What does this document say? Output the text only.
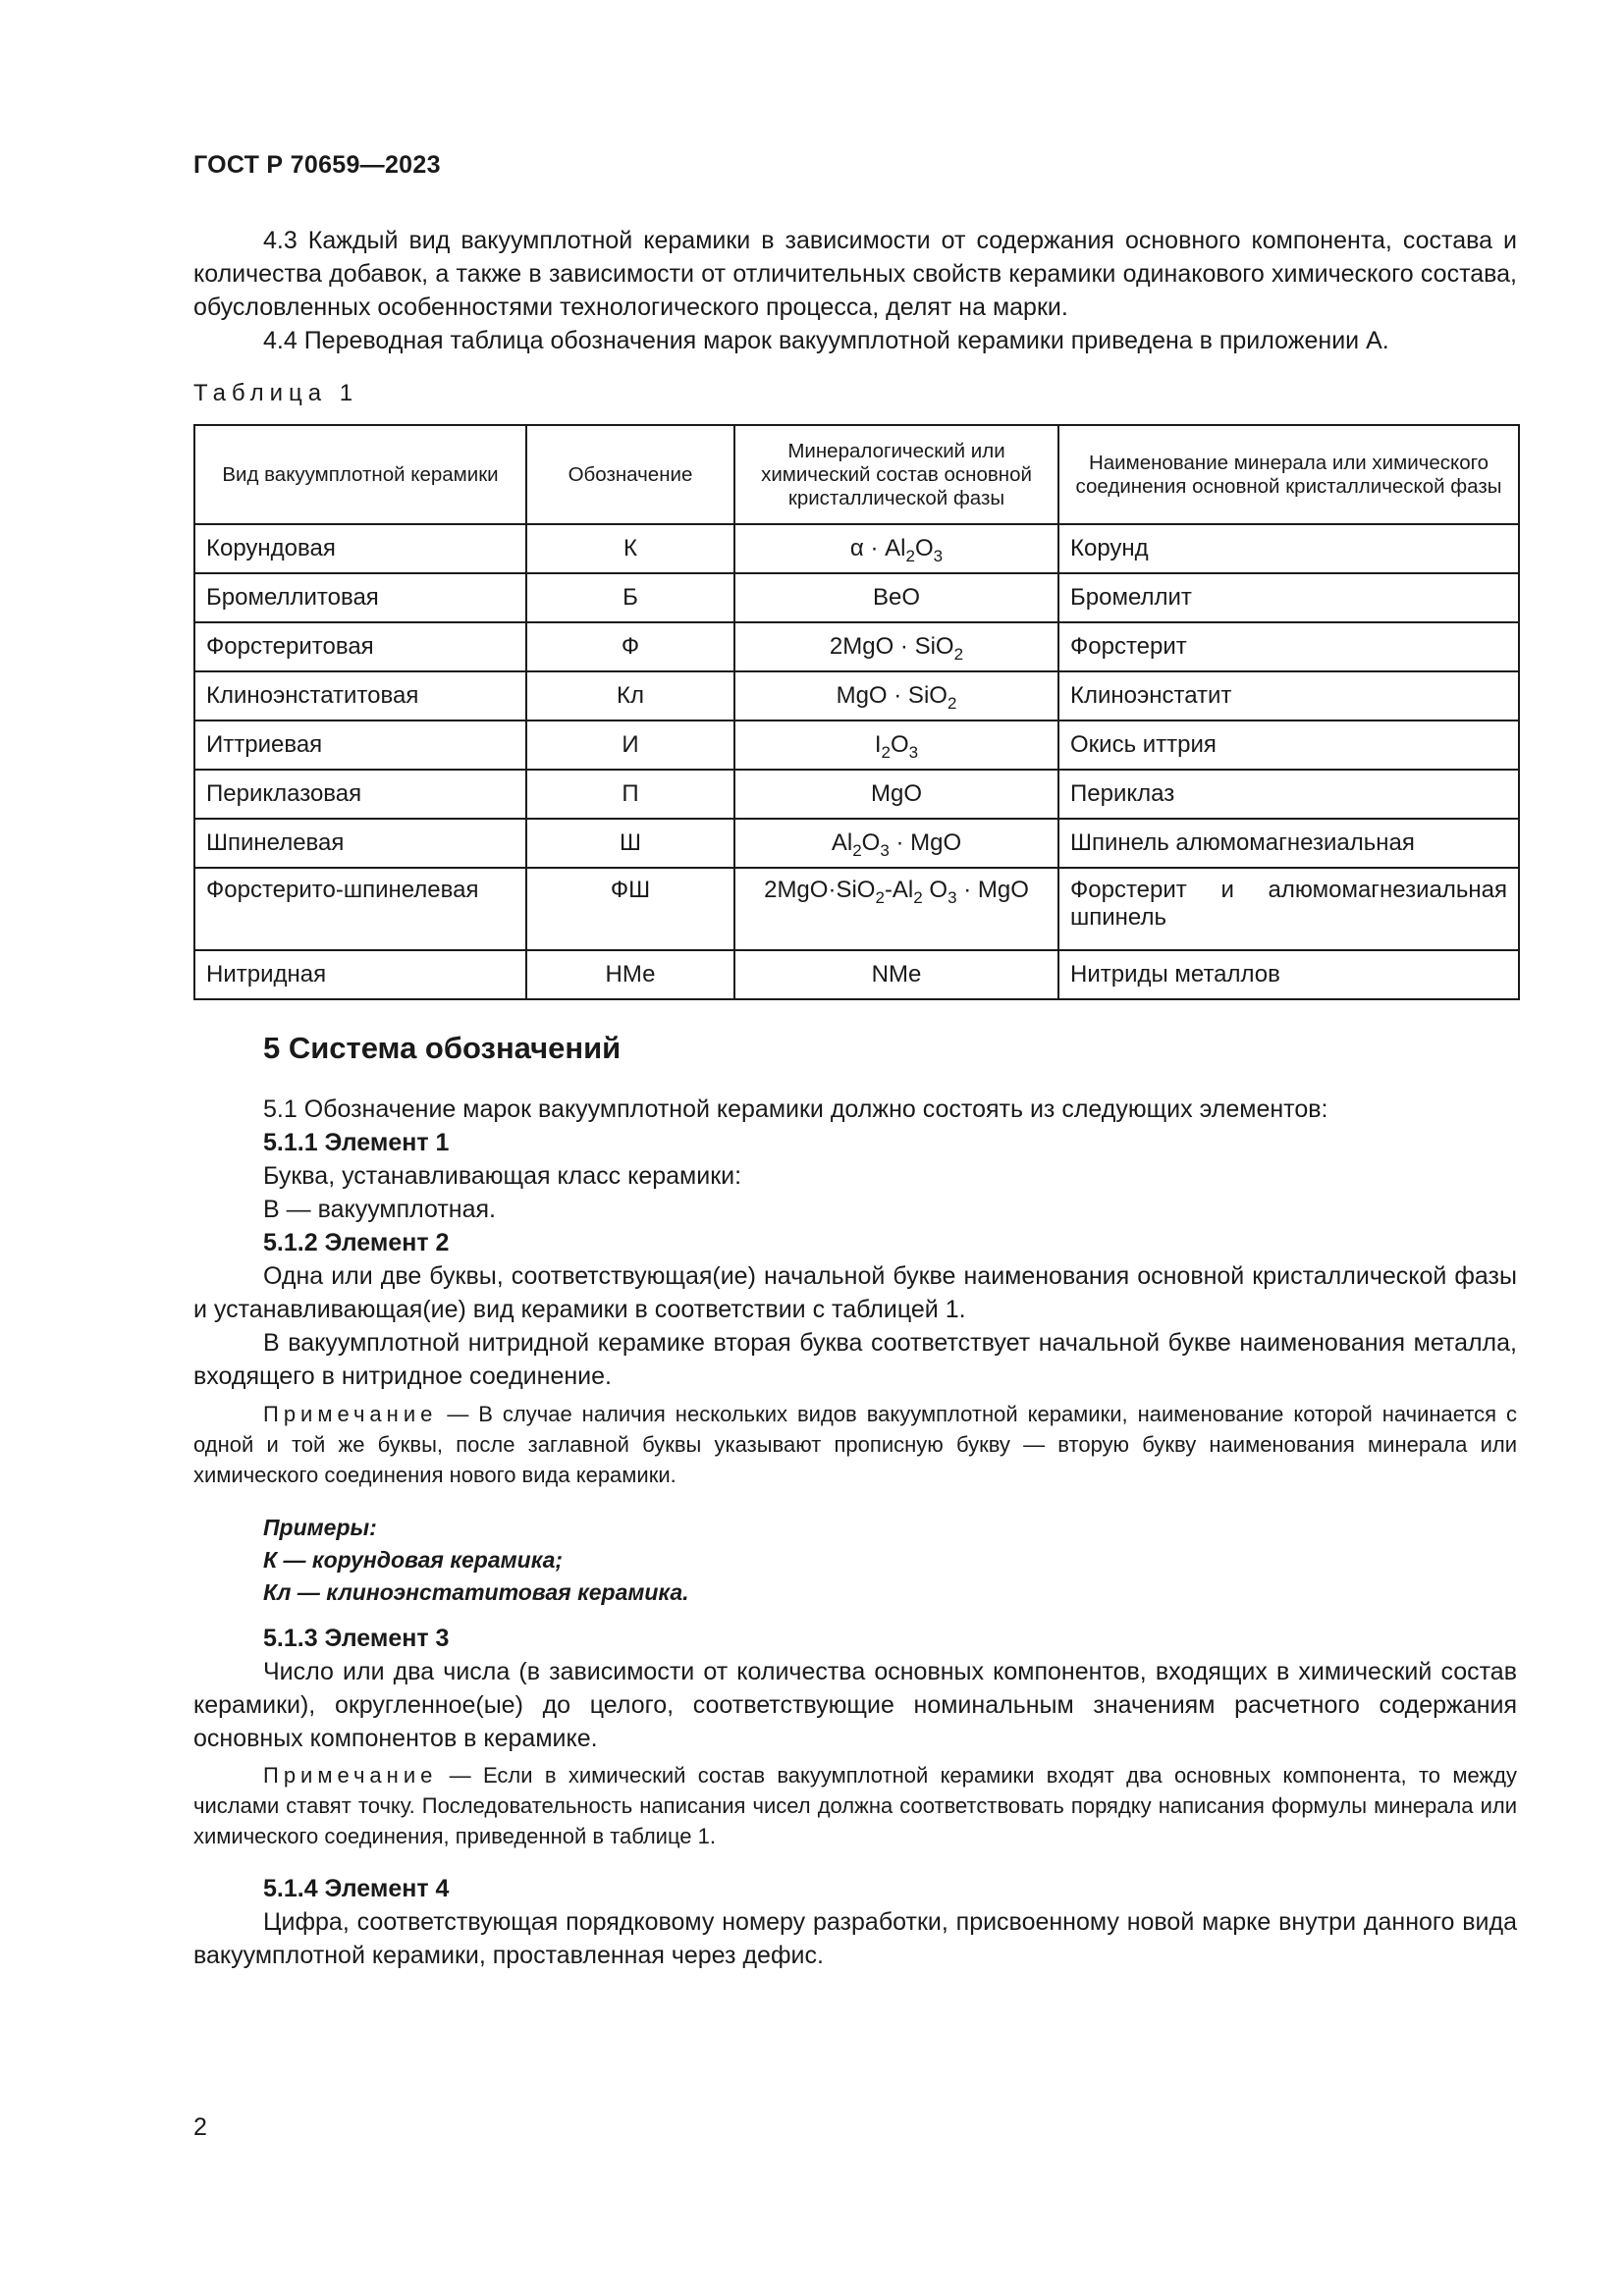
ГОСТ Р 70659—2023
4.3 Каждый вид вакуумплотной керамики в зависимости от содержания основного компонента, состава и количества добавок, а также в зависимости от отличительных свойств керамики одинакового химического состава, обусловленных особенностями технологического процесса, делят на марки.
4.4 Переводная таблица обозначения марок вакуумплотной керамики приведена в приложении А.
Таблица 1
Вид вакуумплотной керамики	Обозначение	Минералогический или химический состав основной кристаллической фазы	Наименование минерала или химического соединения основной кристаллической фазы
Корундовая	К	$\alpha \cdot Al_2O_3$	Корунд
Бромеллитовая	Б	BeO	Бромеллит
Форстеритовая	Ф	2MgO · SiO$_2$	Форстерит
Клиноэнстатитовая	Кл	MgO · SiO$_2$	Клиноэнстатит
Иттриевая	И	$I_2O_3$	Окись иттрия
Периклазовая	П	MgO	Периклаз
Шпинелевая	Ш	$Al_2O_3$ · MgO	Шпинель алюмомагнезиальная
Форстерито-шпинелевая	ФШ	$2MgO\cdot SiO_2-Al_2$ $O_3$ · MgO	Форстерит и алюмомагнезиальная
шпинель

Нитридная	НМе	NMe	Нитриды металлов
5 Система обозначений
5.1 Обозначение марок вакуумплотной керамики должно состоять из следующих элементов:
5.1.1 Элемент 1
Буква, устанавливающая класс керамики:
В — вакуумплотная.
5.1.2 Элемент 2
Одна или две буквы, соответствующая(ие) начальной букве наименования основной кристаллической фазы и устанавливающая(ие) вид керамики в соответствии с таблицей 1.
В вакуумплотной нитридной керамике вторая буква соответствует начальной букве наименования металла, входящего в нитридное соединение.
Примечание — В случае наличия нескольких видов вакуумплотной керамики, наименование которой начинается с одной и той же буквы, после заглавной буквы указывают прописную букву — вторую букву наименования минерала или химического соединения нового вида керамики.
Примеры:
К — корундовая керамика;
Кл — клиноэнстатитовая керамика.
5.1.3 Элемент 3
Число или два числа (в зависимости от количества основных компонентов, входящих в химический состав керамики), округленное(ые) до целого, соответствующие номинальным значениям расчетного содержания основных компонентов в керамике.
Примечание — Если в химический состав вакуумплотной керамики входят два основных компонента, то между числами ставят точку. Последовательность написания чисел должна соответствовать порядку написания формулы минерала или химического соединения, приведенной в таблице 1.
5.1.4 Элемент 4
Цифра, соответствующая порядковому номеру разработки, присвоенному новой марке внутри данного вида вакуумплотной керамики, проставленная через дефис.
2
